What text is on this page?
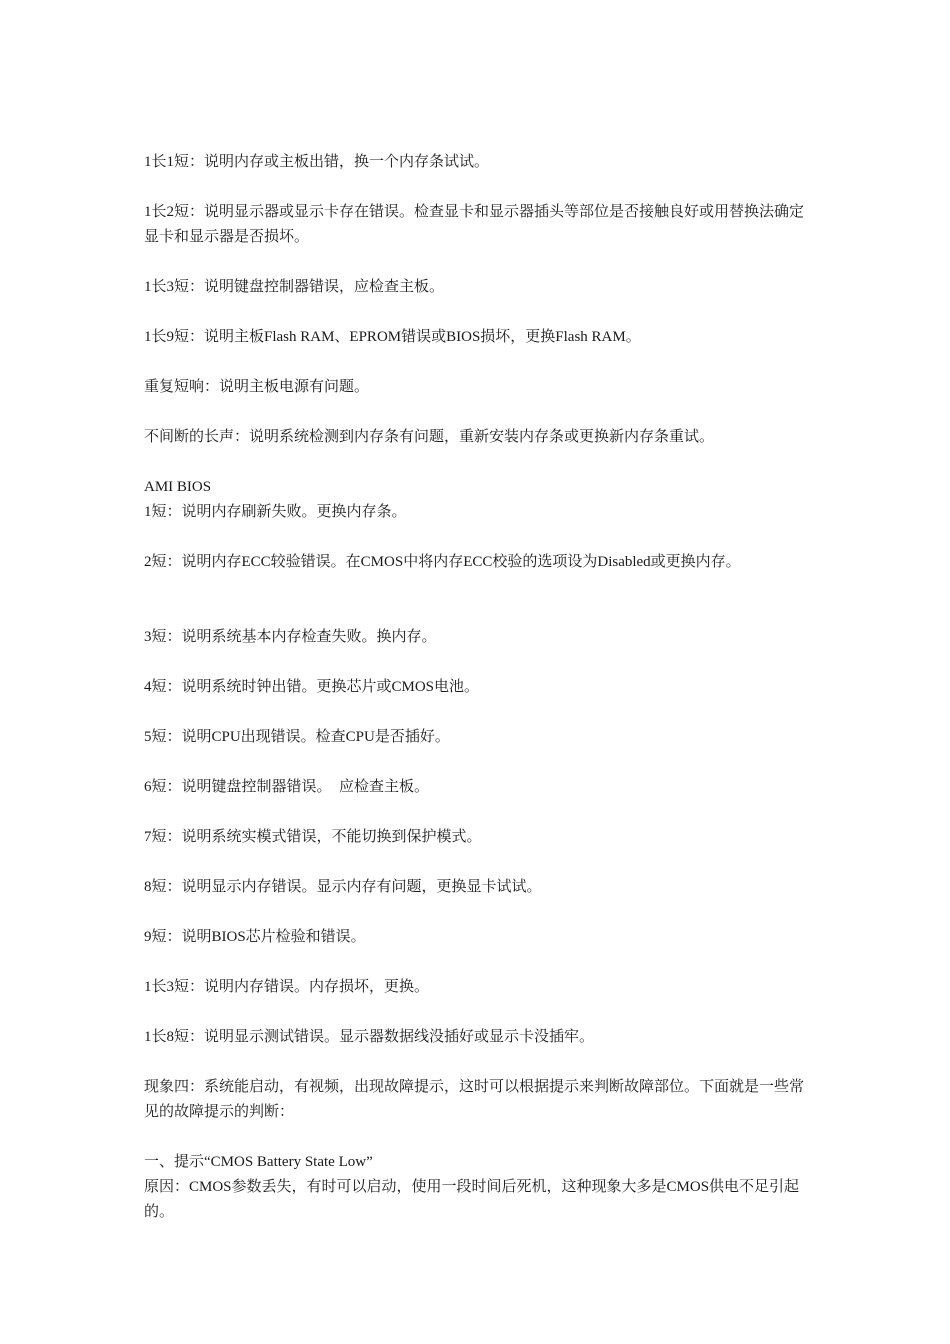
1长1短：说明内存或主板出错，换一个内存条试试。

1长2短：说明显示器或显示卡存在错误。检查显卡和显示器插头等部位是否接触良好或用替换法确定显卡和显示器是否损坏。

1长3短：说明键盘控制器错误，应检查主板。

1长9短：说明主板Flash RAM、EPROM错误或BIOS损坏，更换Flash RAM。

重复短响：说明主板电源有问题。

不间断的长声：说明系统检测到内存条有问题，重新安装内存条或更换新内存条重试。

AMI BIOS

1短：说明内存刷新失败。更换内存条。

2短：说明内存ECC较验错误。在CMOS中将内存ECC校验的选项设为Disabled或更换内存。

3短：说明系统基本内存检查失败。换内存。

4短：说明系统时钟出错。更换芯片或CMOS电池。

5短：说明CPU出现错误。检查CPU是否插好。

6短：说明键盘控制器错误。  应检查主板。

7短：说明系统实模式错误，不能切换到保护模式。

8短：说明显示内存错误。显示内存有问题，更换显卡试试。

9短：说明BIOS芯片检验和错误。

1长3短：说明内存错误。内存损坏，更换。

1长8短：说明显示测试错误。显示器数据线没插好或显示卡没插牢。

现象四：系统能启动，有视频，出现故障提示，这时可以根据提示来判断故障部位。下面就是一些常见的故障提示的判断：

一、提示“CMOS Battery State Low”

原因：CMOS参数丢失，有时可以启动，使用一段时间后死机，这种现象大多是CMOS供电不足引起的。
